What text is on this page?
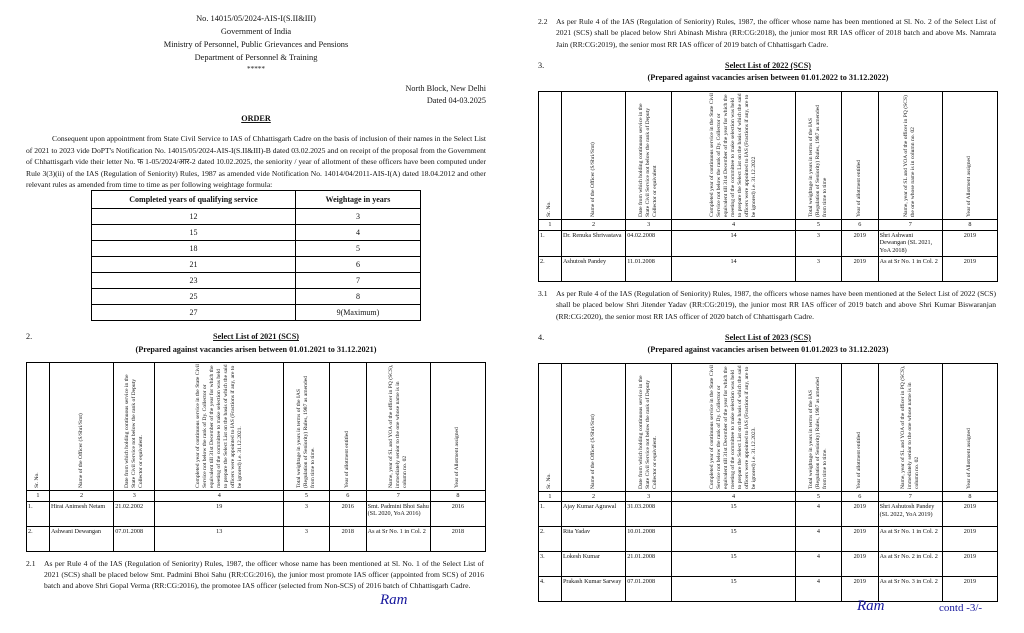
No. 14015/05/2024-AIS-I(S.II&III)
Government of India
Ministry of Personnel, Public Grievances and Pensions
Department of Personnel & Training
*****
North Block, New Delhi
Dated 04-03.2025
ORDER
Consequent upon appointment from State Civil Service to IAS of Chhattisgarh Cadre on the basis of inclusion of their names in the Select List of 2021 to 2023 vide DoPT's Notification No. 14015/05/2024-AIS-I(S.II&III)-B dated 03.02.2025 and on receipt of the proposal from the Government of Chhattisgarh vide their letter No. फ 1-05/2024/आर-2 dated 10.02.2025, the seniority / year of allotment of these officers have been computed under Rule 3(3)(ii) of the IAS (Regulation of Seniority) Rules, 1987 as amended vide Notification No. 14014/04/2011-AIS-I(A) dated 18.04.2012 and other relevant rules as amended from time to time as per following weightage formula:
Completed years of qualifying service	Weightage in years
12	3
15	4
18	5
21	6
23	7
25	8
27	9(Maximum)
2.	Select List of 2021 (SCS)
(Prepared against vacancies arisen between 01.01.2021 to 31.12.2021)
Sr. No.	Name of the Officer (S/Shri/Smt)	Date from which holding continuous service in the State Civil Service not below the rank of Deputy Collector or equivalent.	Completed year of continuous service in the State Civil Service not below the rank of Dy. Collector or equivalent till 31st December of the year for which the meeting of the committee to make selection was held to prepare the Select List on the basis of which the said officers were appointed to IAS (Fractions if any, are to be ignored) i.e. 31.12.2021.	Total weightage in years in terms of the IAS (Regulation of Seniority) Rules, 1987 as amended from time to time.	Year of allotment entitled	Name, year of SL and YOA of the officer in PQ (SCS), immediately senior to the one whose name is in column no. 02	Year of Allotment assigned

1	2	3	4	5	6	7	8
1.	Hirai Animesh Netam	21.02.2002	19	3	2016	Smt. Padmini Bhoi Sahu (SL 2020, YoA 2016)	2016
2.	Ashwani Dewangan	07.01.2008	13	3	2018	As at Sr No. 1 in Col. 2	2018
2.1 As per Rule 4 of the IAS (Regulation of Seniority) Rules, 1987, the officer whose name has been mentioned at Sl. No. 1 of the Select List of 2021 (SCS) shall be placed below Smt. Padmini Bhoi Sahu (RR:CG:2016), the junior most promote IAS officer (appointed from SCS) of 2016 batch and above Shri Gopal Verma (RR:CG:2016), the promotee IAS officer (selected from Non-SCS) of 2016 batch of Chhattisgarh Cadre.
Ram
2.2 As per Rule 4 of the IAS (Regulation of Seniority) Rules, 1987, the officer whose name has been mentioned at Sl. No. 2 of the Select List of 2021 (SCS) shall be placed below Shri Abinash Mishra (RR:CG:2018), the junior most RR IAS officer of 2018 batch and above Ms. Namrata Jain (RR:CG:2019), the senior most RR IAS officer of 2019 batch of Chhattisgarh Cadre.
3.	Select List of 2022 (SCS)
(Prepared against vacancies arisen between 01.01.2022 to 31.12.2022)
Sr. No.	Name of the Officer (S/Shri/Smt)	Date from which holding continuous service in the State Civil Service not below the rank of Deputy Collector or equivalent	Completed year of continuous service in the State Civil Service not below the rank of Dy. Collector or equivalent till 31st December of the year for which the meeting of the committee to make selection was held to prepare the Select List on the basis of which the said officers were appointed to IAS (Fractions if any, are to be ignored) i.e. 31.12.2022	Total weightage in years in terms of the IAS (Regulation of Seniority) Rules, 1987 as amended from time to time	Year of allotment entitled	Name, year of SL and YOA of the officer in PQ (SCS) the one whose name is in column no. 02	Year of Allotment assigned

1	2	3	4	5	6	7	8
1.	Dr. Renuka Shrivastava	04.02.2008	14	3	2019	Shri Ashwani Dewangan (SL 2021, YoA 2018)	2019
2.	Ashutosh Pandey	11.01.2008	14	3	2019	As at Sr No. 1 in Col. 2	2019
3.1 As per Rule 4 of the IAS (Regulation of Seniority) Rules, 1987, the officers whose names have been mentioned at the Select List of 2022 (SCS) shall be placed below Shri Jitender Yadav (RR:CG:2019), the junior most RR IAS officer of 2019 batch and above Shri Kumar Biswaranjan (RR:CG:2020), the senior most RR IAS officer of 2020 batch of Chhattisgarh Cadre.
4.	Select List of 2023 (SCS)
(Prepared against vacancies arisen between 01.01.2023 to 31.12.2023)
Sr. No.	Name of the Officer (S/Shri/Smt)	Date from which holding continuous service in the State Civil Service not below the rank of Deputy Collector or equivalent.	Completed year of continuous service in the State Civil Service not below the rank of Dy. Collector or equivalent till 31st December of the year for which the meeting of the committee to make selection was held to prepare the Select List on the basis of which the said officers were appointed to IAS (Fractions if any, are to be ignored) i.e. 31.12.2023.	Total weightage in years in terms of the IAS (Regulation of Seniority) Rules, 1987 as amended from time to time.	Year of allotment entitled	Name, year of SL and YOA of the officer in PQ (SCS), immediately senior to the one whose name is in column no. 02	Year of Allotment assigned

1	2	3	4	5	6	7	8
1.	Ajay Kumar Agrawal	31.03.2008	15	4	2019	Shri Ashutosh Pandey (SL 2022, YoA 2019)	2019
2.	Rita Yadav	10.01.2008	15	4	2019	As at Sr No. 1 in Col. 2	2019
3.	Lokesh Kumar	21.01.2008	15	4	2019	As at Sr No. 2 in Col. 2	2019
4.	Prakash Kumar Sarway	07.01.2008	15	4	2019	As at Sr No. 3 in Col. 2	2019
Ram	contd -3/-
